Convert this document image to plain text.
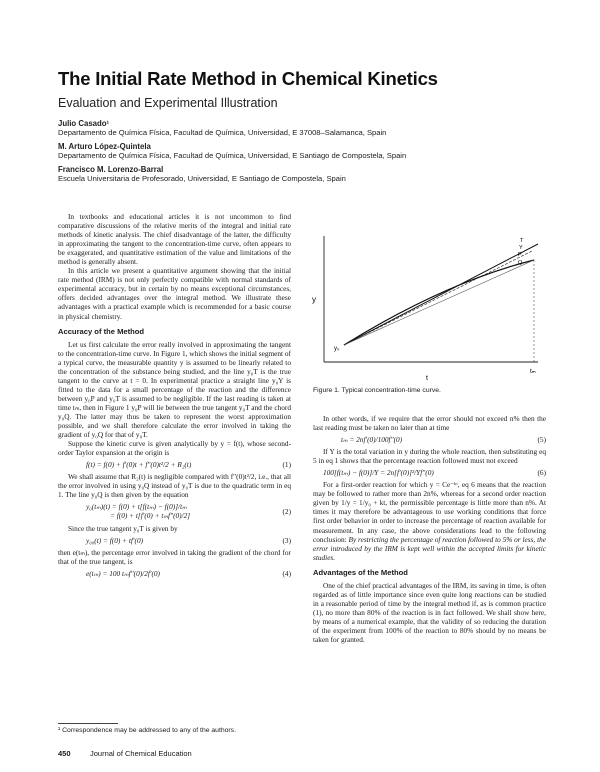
The Initial Rate Method in Chemical Kinetics
Evaluation and Experimental Illustration
Julio Casado¹
Departamento de Química Física, Facultad de Química, Universidad, E 37008–Salamanca, Spain
M. Arturo López-Quintela
Departamento de Química Física, Facultad de Química, Universidad, E Santiago de Compostela, Spain
Francisco M. Lorenzo-Barral
Escuela Universitaria de Profesorado, Universidad, E Santiago de Compostela, Spain

In textbooks and educational articles it is not uncommon to find comparative discussions of the relative merits of the integral and initial rate methods of kinetic analysis. The chief disadvantage of the latter, the difficulty in approximating the tangent to the concentration-time curve, often appears to be exaggerated, and quantitative estimation of the value and limitations of the method is generally absent.

In this article we present a quantitative argument showing that the initial rate method (IRM) is not only perfectly compatible with normal standards of experimental accuracy, but in certain by no means exceptional circumstances, offers decided advantages over the integral method. We illustrate these advantages with a practical example which is recommended for a basic course in physical chemistry.

Accuracy of the Method

Let us first calculate the error really involved in approximating the tangent to the concentration-time curve. In Figure 1, which shows the initial segment of a typical curve, the measurable quantity y is assumed to be linearly related to the concentration of the substance being studied, and the line y₀T is the true tangent to the curve at t = 0. In experimental practice a straight line y₀Y is fitted to the data for a small percentage of the reaction and the difference between y₀P and y₀T is assumed to be negligible. If the last reading is taken at time tₘ, then in Figure 1 y₀P will lie between the true tangent y₀T and the chord y₀Q. The latter may thus be taken to represent the worst approximation possible, and we shall therefore calculate the error involved in taking the gradient of y₀Q for that of y₀T.

Suppose the kinetic curve is given analytically by y = f(t), whose second-order Taylor expansion at the origin is

f(t) = f(0) + f′(0)t + f″(0)t²/2 + R₂(t)	(1)

We shall assume that R₂(t) is negligible compared with f″(0)t²/2, i.e., that all the error involved in using y₀Q instead of y₀T is due to the quadratic term in eq 1. The line y₀Q is then given by the equation

y₀(tₘ)(t) = f(0) + t[f(tₘ) − f(0)]/tₘ
= f(0) + t[f′(0) + tₘf″(0)/2]	(2)

Since the true tangent y₀T is given by

y₀₀(t) = f(0) + tf′(0)	(3)

then e(tₘ), the percentage error involved in taking the gradient of the chord for that of the true tangent, is

e(tₘ) = 100 tₘf″(0)/2f′(0)	(4)
¹ Correspondence may be addressed to any of the authors.
y
y₀
T
Y
P
Q
tₘ
t
Figure 1. Typical concentration-time curve.

In other words, if we require that the error should not exceed n% then the last reading must be taken no later than at time

tₘ = 2nf′(0)/100f″(0)	(5)

If Y is the total variation in y during the whole reaction, then substituting eq 5 in eq 1 shows that the percentage reaction followed must not exceed

100[f(tₘ) − f(0)]/Y = 2n[f′(0)]²/Yf″(0)	(6)

For a first-order reaction for which y = Ce⁻ᵏᵗ, eq 6 means that the reaction may be followed to rather more than 2n%, whereas for a second order reaction given by 1/y = 1/y₀ + kt, the permissible percentage is little more than n%. At times it may therefore be advantageous to use working conditions that force first order behavior in order to increase the percentage of reaction available for measurement. In any case, the above considerations lead to the following conclusion: By restricting the percentage of reaction followed to 5% or less, the error introduced by the IRM is kept well within the accepted limits for kinetic studies.

Advantages of the Method

One of the chief practical advantages of the IRM, its saving in time, is often regarded as of little importance since even quite long reactions can be studied in a reasonable period of time by the integral method if, as is common practice (1), no more than 80% of the reaction is in fact followed. We shall show here, by means of a numerical example, that the validity of so reducing the duration of the experiment from 100% of the reaction to 80% should by no means be taken for granted.

450	Journal of Chemical Education
